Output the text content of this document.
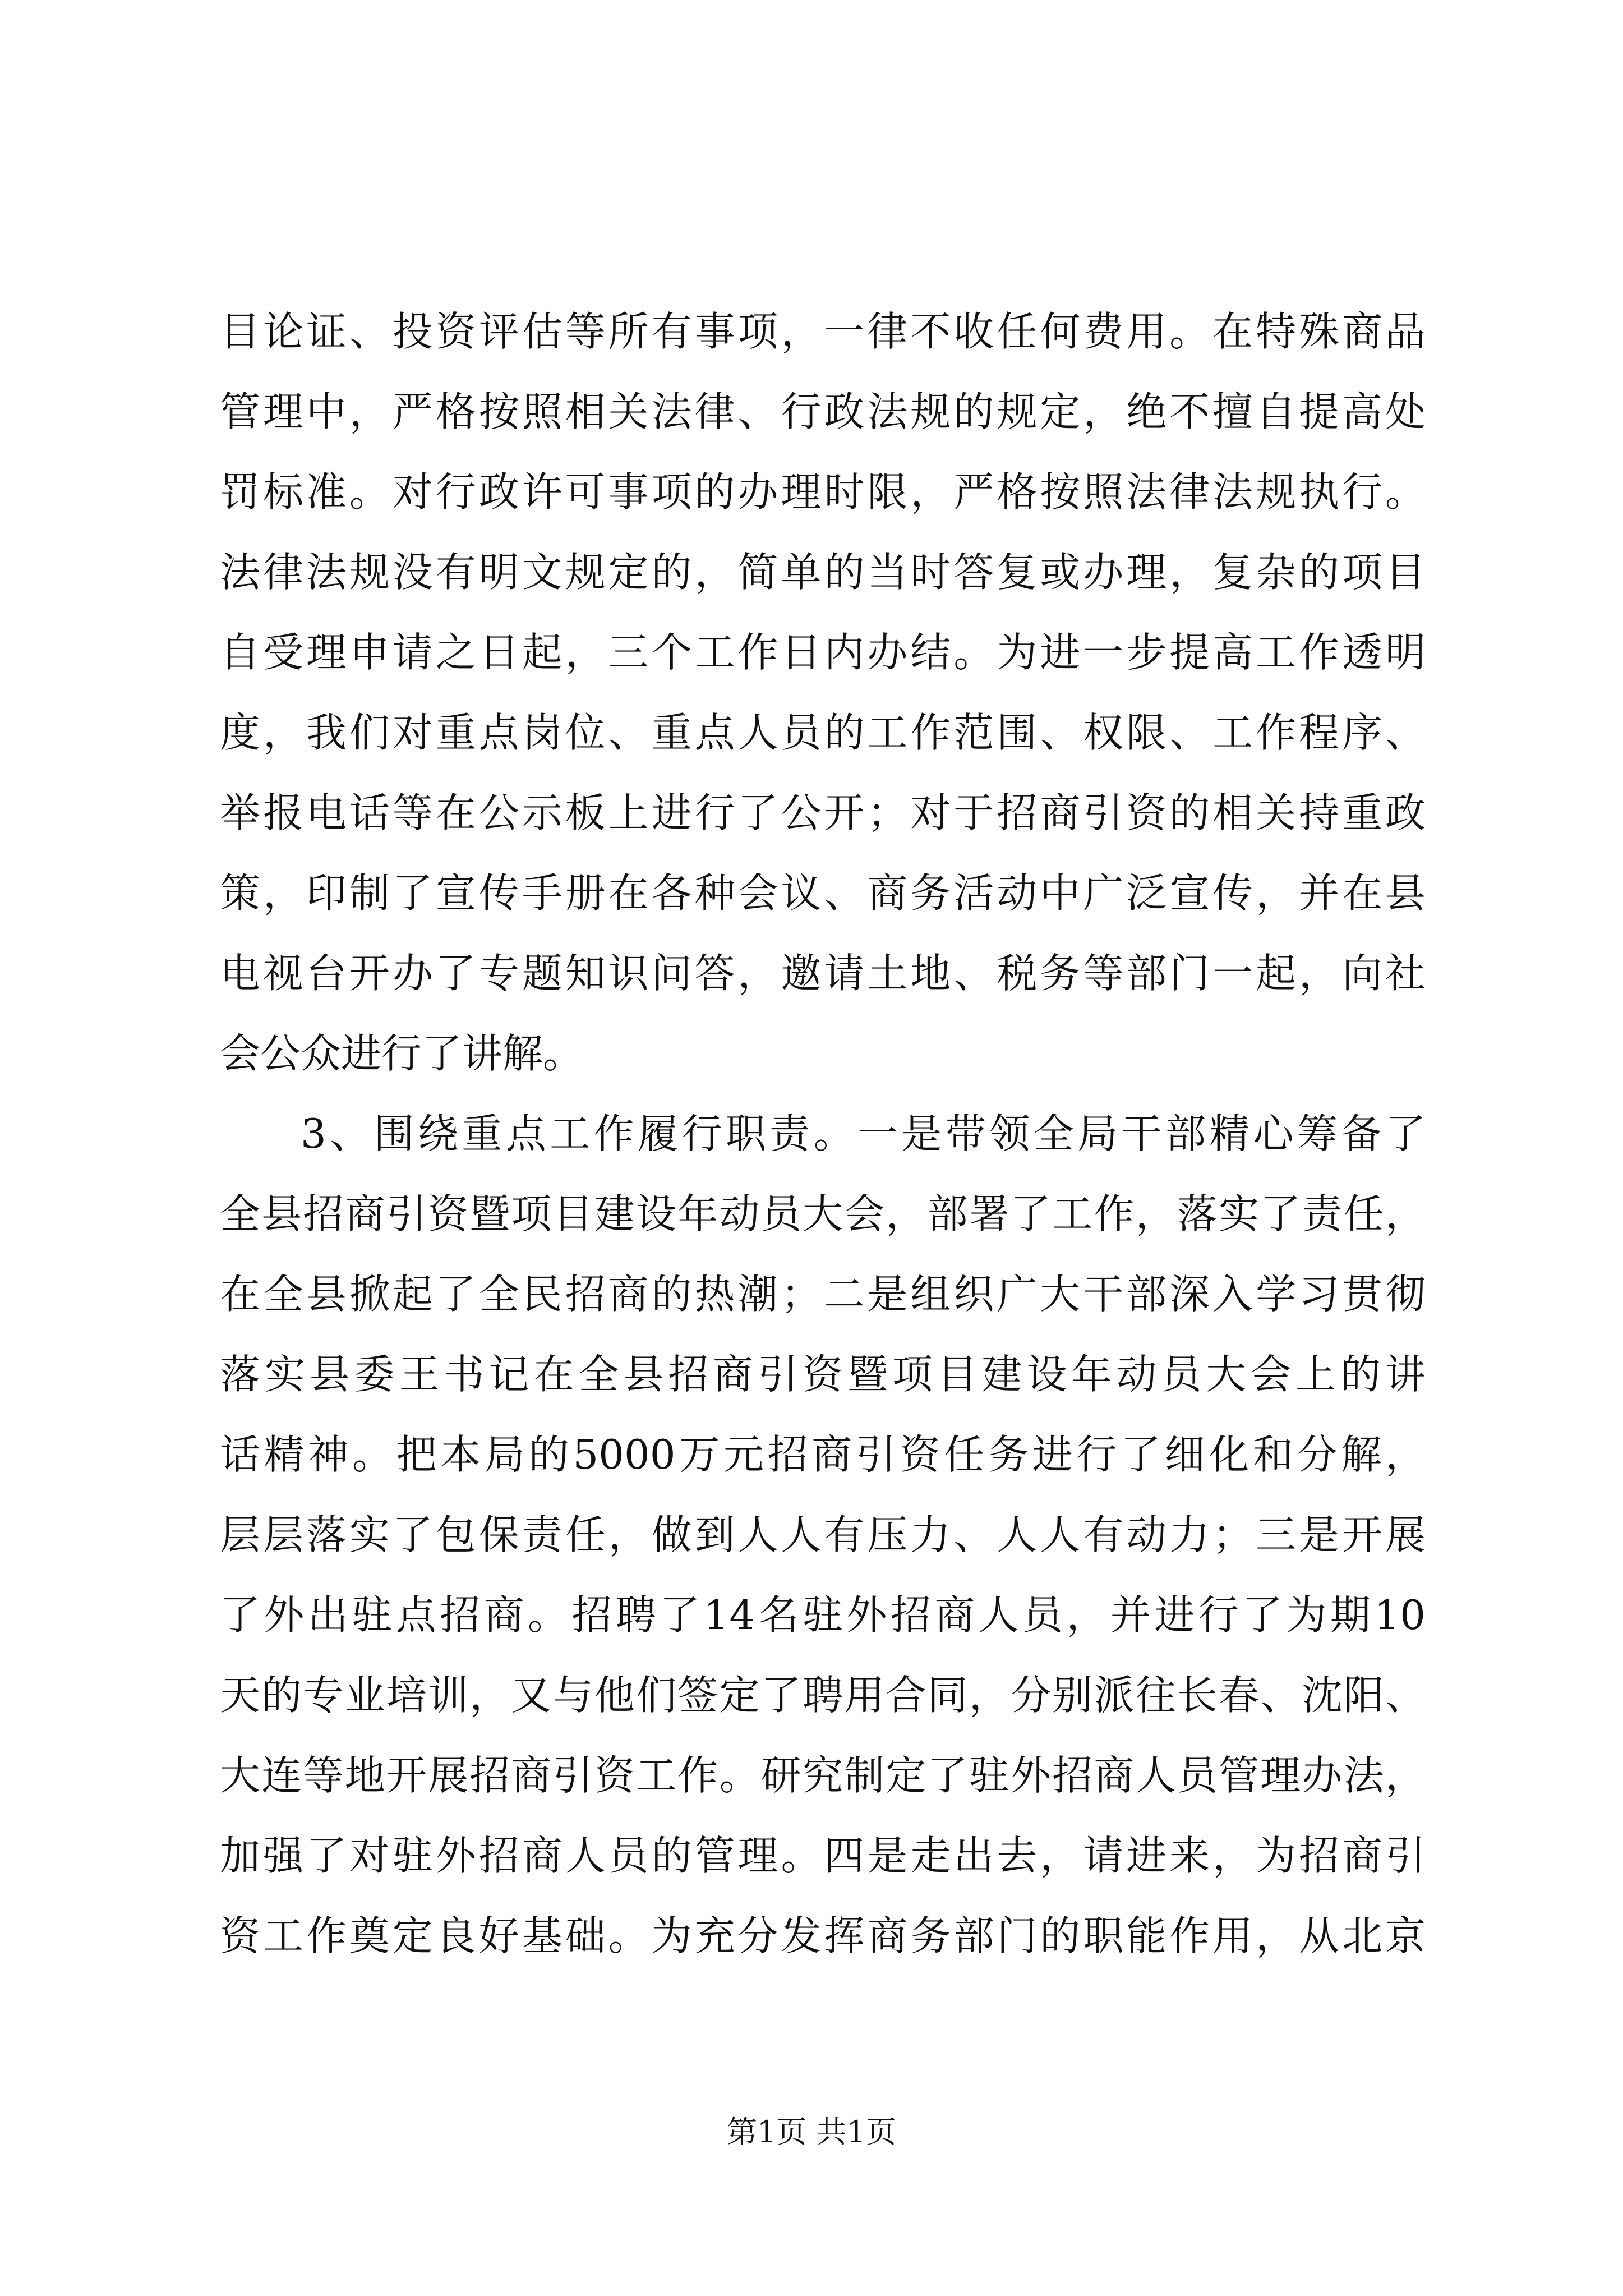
目论证、投资评估等所有事项，一律不收任何费用。在特殊商品
管理中，严格按照相关法律、行政法规的规定，绝不擅自提高处
罚标准。对行政许可事项的办理时限，严格按照法律法规执行。
法律法规没有明文规定的，简单的当时答复或办理，复杂的项目
自受理申请之日起，三个工作日内办结。为进一步提高工作透明
度，我们对重点岗位、重点人员的工作范围、权限、工作程序、
举报电话等在公示板上进行了公开；对于招商引资的相关持重政
策，印制了宣传手册在各种会议、商务活动中广泛宣传，并在县
电视台开办了专题知识问答，邀请土地、税务等部门一起，向社
会公众进行了讲解。
3、围绕重点工作履行职责。一是带领全局干部精心筹备了
全县招商引资暨项目建设年动员大会，部署了工作，落实了责任，
在全县掀起了全民招商的热潮；二是组织广大干部深入学习贯彻
落实县委王书记在全县招商引资暨项目建设年动员大会上的讲
话精神。把本局的5000万元招商引资任务进行了细化和分解，
层层落实了包保责任，做到人人有压力、人人有动力；三是开展
了外出驻点招商。招聘了14名驻外招商人员，并进行了为期10
天的专业培训，又与他们签定了聘用合同，分别派往长春、沈阳、
大连等地开展招商引资工作。研究制定了驻外招商人员管理办法，
加强了对驻外招商人员的管理。四是走出去，请进来，为招商引
资工作奠定良好基础。为充分发挥商务部门的职能作用，从北京
第1页 共1页
